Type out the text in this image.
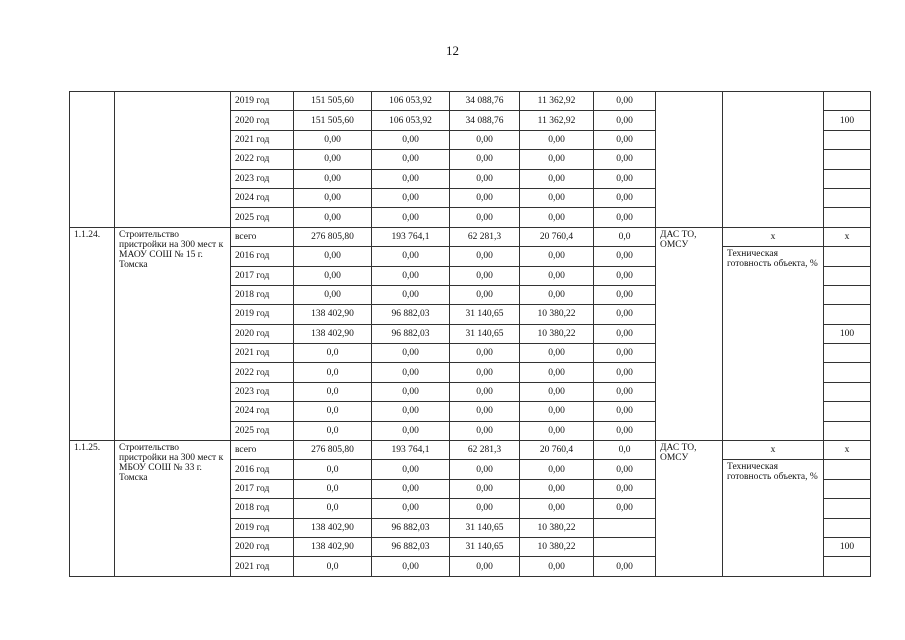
12
		2019 год	151 505,60	106 053,92	34 088,76	11 362,92	0,00			
		2020 год	151 505,60	106 053,92	34 088,76	11 362,92	0,00			100
		2021 год	0,00	0,00	0,00	0,00	0,00			
		2022 год	0,00	0,00	0,00	0,00	0,00			
		2023 год	0,00	0,00	0,00	0,00	0,00			
		2024 год	0,00	0,00	0,00	0,00	0,00			
		2025 год	0,00	0,00	0,00	0,00	0,00			
1.1.24.	Строительство пристройки на 300 мест к МАОУ СОШ № 15 г. Томска	всего	276 805,80	193 764,1	62 281,3	20 760,4	0,0	ДАС ТО, ОМСУ	х	х
		2016 год	0,00	0,00	0,00	0,00	0,00		Техническая готовность объекта, %	
		2017 год	0,00	0,00	0,00	0,00	0,00			
		2018 год	0,00	0,00	0,00	0,00	0,00			
		2019 год	138 402,90	96 882,03	31 140,65	10 380,22	0,00			
		2020 год	138 402,90	96 882,03	31 140,65	10 380,22	0,00			100
		2021 год	0,0	0,00	0,00	0,00	0,00			
		2022 год	0,0	0,00	0,00	0,00	0,00			
		2023 год	0,0	0,00	0,00	0,00	0,00			
		2024 год	0,0	0,00	0,00	0,00	0,00			
		2025 год	0,0	0,00	0,00	0,00	0,00			
1.1.25.	Строительство пристройки на 300 мест к МБОУ СОШ № 33 г. Томска	всего	276 805,80	193 764,1	62 281,3	20 760,4	0,0	ДАС ТО, ОМСУ	х	х
		2016 год	0,0	0,00	0,00	0,00	0,00		Техническая готовность объекта, %	
		2017 год	0,0	0,00	0,00	0,00	0,00			
		2018 год	0,0	0,00	0,00	0,00	0,00			
		2019 год	138 402,90	96 882,03	31 140,65	10 380,22				
		2020 год	138 402,90	96 882,03	31 140,65	10 380,22				100
		2021 год	0,0	0,00	0,00	0,00	0,00			
